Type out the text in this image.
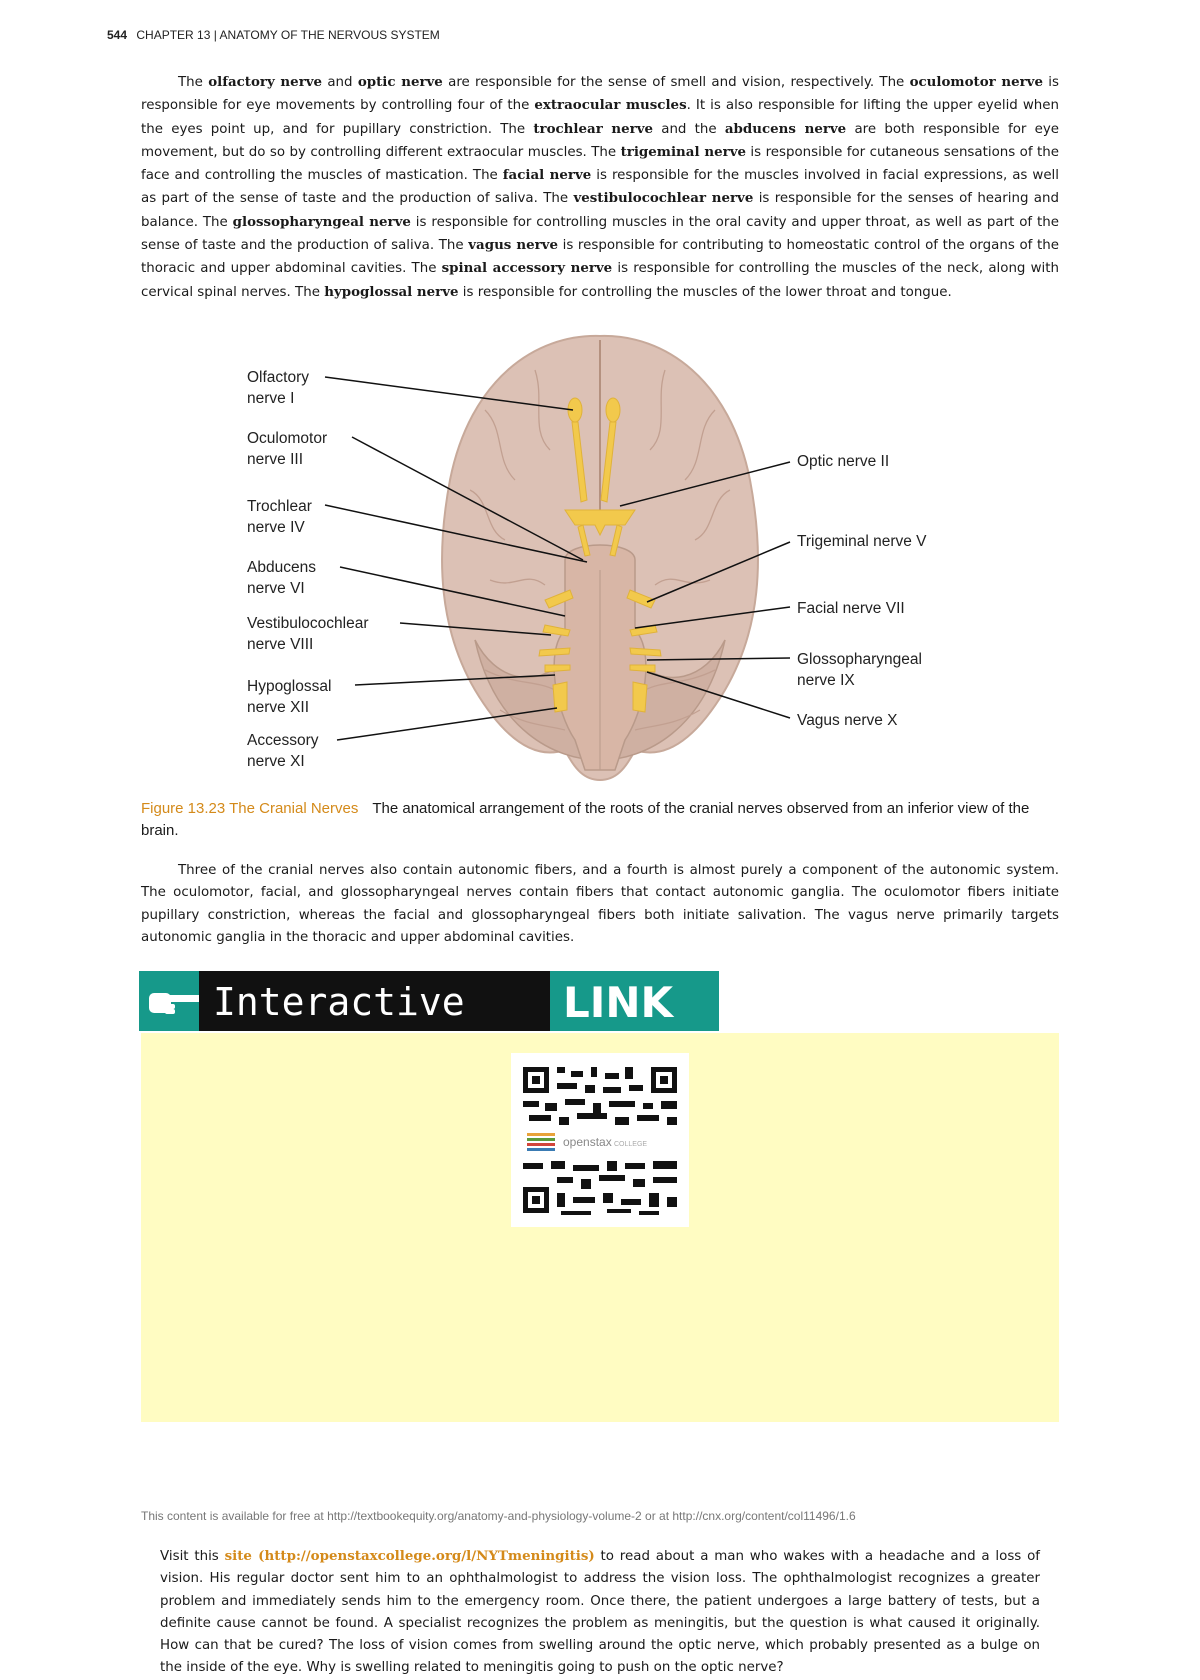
544 CHAPTER 13 | ANATOMY OF THE NERVOUS SYSTEM
The olfactory nerve and optic nerve are responsible for the sense of smell and vision, respectively. The oculomotor nerve is responsible for eye movements by controlling four of the extraocular muscles. It is also responsible for lifting the upper eyelid when the eyes point up, and for pupillary constriction. The trochlear nerve and the abducens nerve are both responsible for eye movement, but do so by controlling different extraocular muscles. The trigeminal nerve is responsible for cutaneous sensations of the face and controlling the muscles of mastication. The facial nerve is responsible for the muscles involved in facial expressions, as well as part of the sense of taste and the production of saliva. The vestibulocochlear nerve is responsible for the senses of hearing and balance. The glossopharyngeal nerve is responsible for controlling muscles in the oral cavity and upper throat, as well as part of the sense of taste and the production of saliva. The vagus nerve is responsible for contributing to homeostatic control of the organs of the thoracic and upper abdominal cavities. The spinal accessory nerve is responsible for controlling the muscles of the neck, along with cervical spinal nerves. The hypoglossal nerve is responsible for controlling the muscles of the lower throat and tongue.
Olfactory
nerve I
Oculomotor
nerve III
Trochlear
nerve IV
Abducens
nerve VI
Vestibulocochlear
nerve VIII
Hypoglossal
nerve XII
Accessory
nerve XI
Optic nerve II
Trigeminal nerve V
Facial nerve VII
Glossopharyngeal
nerve IX
Vagus nerve X
Figure 13.23 The Cranial Nerves The anatomical arrangement of the roots of the cranial nerves observed from an inferior view of the brain.
Three of the cranial nerves also contain autonomic fibers, and a fourth is almost purely a component of the autonomic system. The oculomotor, facial, and glossopharyngeal nerves contain fibers that contact autonomic ganglia. The oculomotor fibers initiate pupillary constriction, whereas the facial and glossopharyngeal fibers both initiate salivation. The vagus nerve primarily targets autonomic ganglia in the thoracic and upper abdominal cavities.
Interactive LINK
openstax COLLEGE
Visit this site (http://openstaxcollege.org/l/NYTmeningitis) to read about a man who wakes with a headache and a loss of vision. His regular doctor sent him to an ophthalmologist to address the vision loss. The ophthalmologist recognizes a greater problem and immediately sends him to the emergency room. Once there, the patient undergoes a large battery of tests, but a definite cause cannot be found. A specialist recognizes the problem as meningitis, but the question is what caused it originally. How can that be cured? The loss of vision comes from swelling around the optic nerve, which probably presented as a bulge on the inside of the eye. Why is swelling related to meningitis going to push on the optic nerve?
This content is available for free at http://textbookequity.org/anatomy-and-physiology-volume-2 or at http://cnx.org/content/col11496/1.6
